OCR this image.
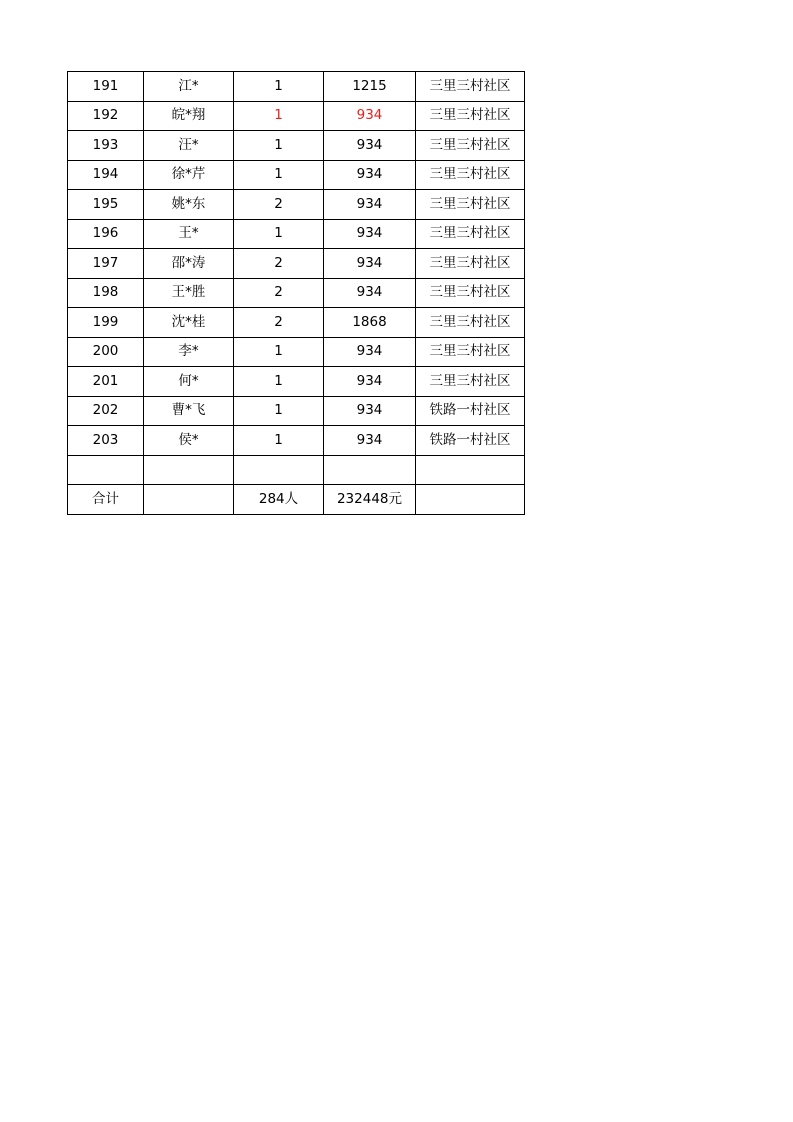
191	江*	1	1215	三里三村社区
192	皖*翔	1	934	三里三村社区
193	汪*	1	934	三里三村社区
194	徐*芹	1	934	三里三村社区
195	姚*东	2	934	三里三村社区
196	王*	1	934	三里三村社区
197	邵*涛	2	934	三里三村社区
198	王*胜	2	934	三里三村社区
199	沈*桂	2	1868	三里三村社区
200	李*	1	934	三里三村社区
201	何*	1	934	三里三村社区
202	曹*飞	1	934	铁路一村社区
203	侯*	1	934	铁路一村社区

合计		284人	232448元	
